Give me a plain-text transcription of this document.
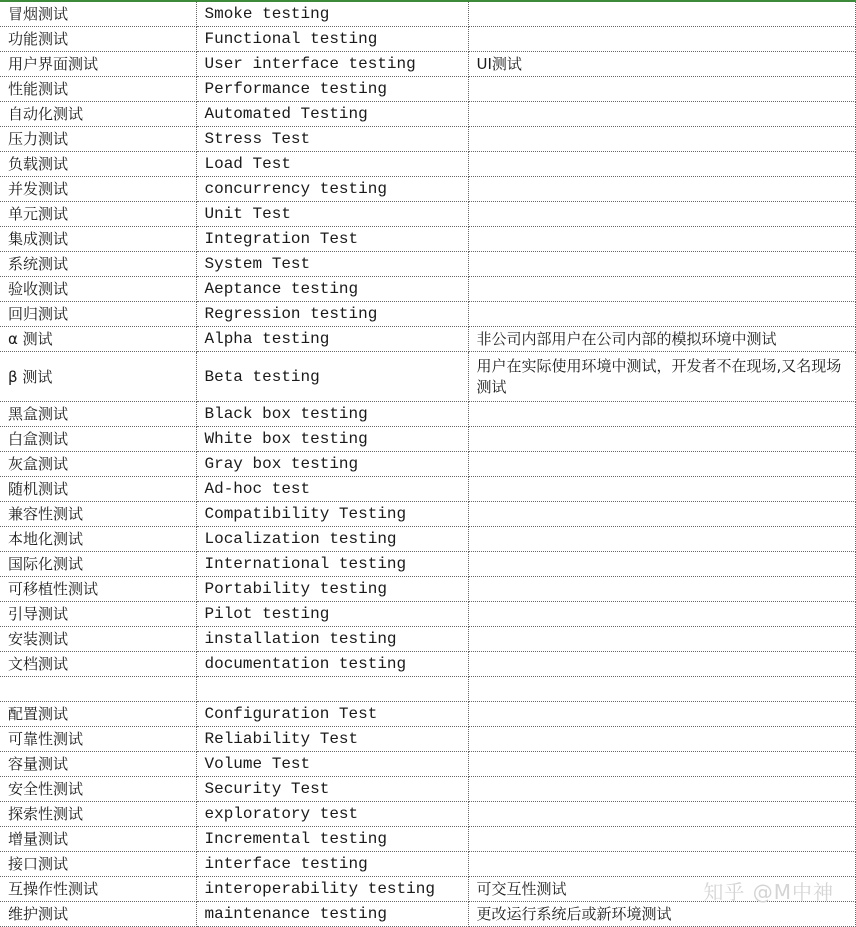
冒烟测试	Smoke testing	
功能测试	Functional testing	
用户界面测试	User interface testing	UI测试
性能测试	Performance testing	
自动化测试	Automated Testing	
压力测试	Stress Test	
负载测试	Load Test	
并发测试	concurrency testing	
单元测试	Unit Test	
集成测试	Integration Test	
系统测试	System Test	
验收测试	Aeptance testing	
回归测试	Regression testing	
α 测试	Alpha testing	非公司内部用户在公司内部的模拟环境中测试
β 测试	Beta testing	用户在实际使用环境中测试，开发者不在现场,又名现场测试
黑盒测试	Black box testing	
白盒测试	White box testing	
灰盒测试	Gray box testing	
随机测试	Ad-hoc test	
兼容性测试	Compatibility Testing	
本地化测试	Localization testing	
国际化测试	International testing	
可移植性测试	Portability testing	
引导测试	Pilot testing	
安装测试	installation testing	
文档测试	documentation testing	

配置测试	Configuration Test	
可靠性测试	Reliability Test	
容量测试	Volume Test	
安全性测试	Security Test	
探索性测试	exploratory test	
增量测试	Incremental testing	
接口测试	interface testing	
互操作性测试	interoperability testing	可交互性测试
维护测试	maintenance testing	更改运行系统后或新环境测试
知乎 @M中神
